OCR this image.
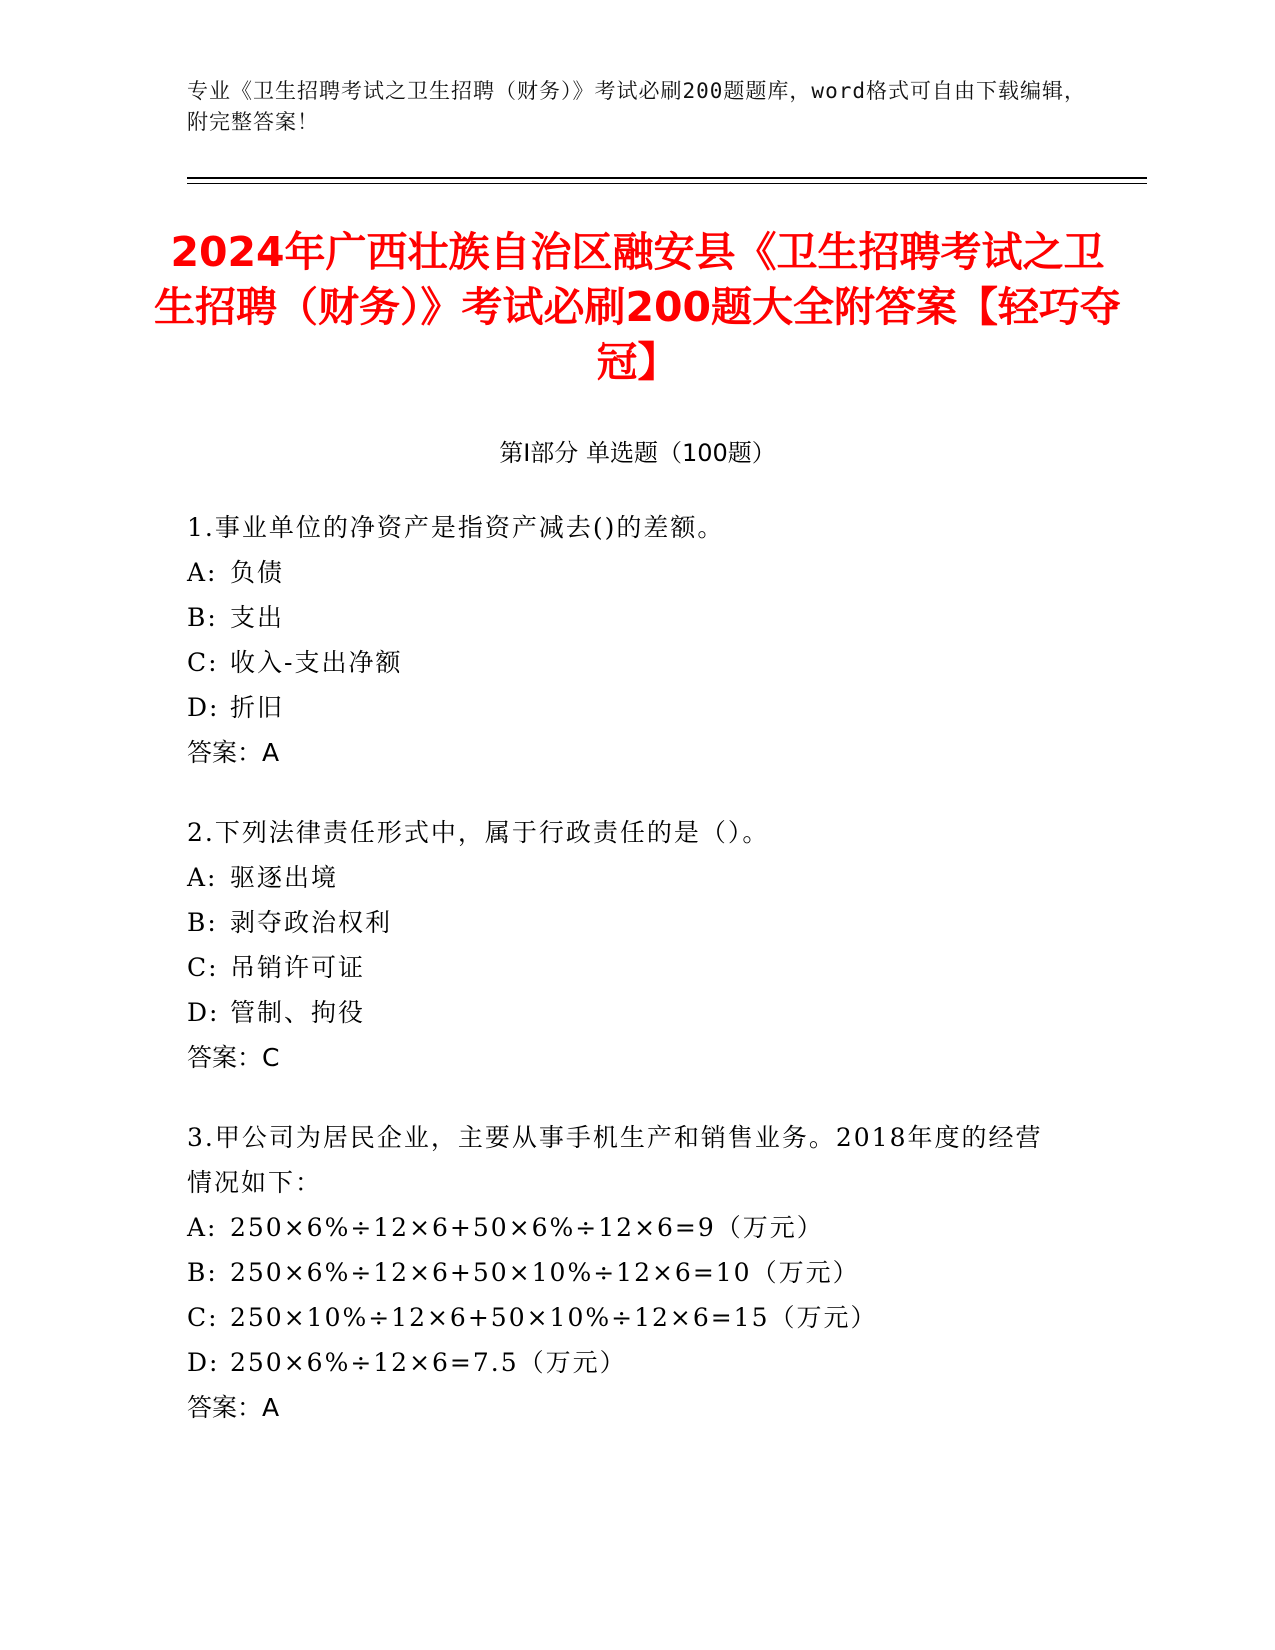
专业《卫生招聘考试之卫生招聘（财务）》考试必刷200题题库，word格式可自由下载编辑，附完整答案！
2024年广西壮族自治区融安县《卫生招聘考试之卫生招聘（财务）》考试必刷200题大全附答案【轻巧夺冠】
第I部分 单选题（100题）
1.事业单位的净资产是指资产减去()的差额。
A: 负债
B: 支出
C: 收入-支出净额
D: 折旧
答案：A
2.下列法律责任形式中，属于行政责任的是（）。
A: 驱逐出境
B: 剥夺政治权利
C: 吊销许可证
D: 管制、拘役
答案：C
3.甲公司为居民企业，主要从事手机生产和销售业务。2018年度的经营情况如下：
A: 250×6%÷12×6+50×6%÷12×6=9（万元）
B: 250×6%÷12×6+50×10%÷12×6=10（万元）
C: 250×10%÷12×6+50×10%÷12×6=15（万元）
D: 250×6%÷12×6=7.5（万元）
答案：A
